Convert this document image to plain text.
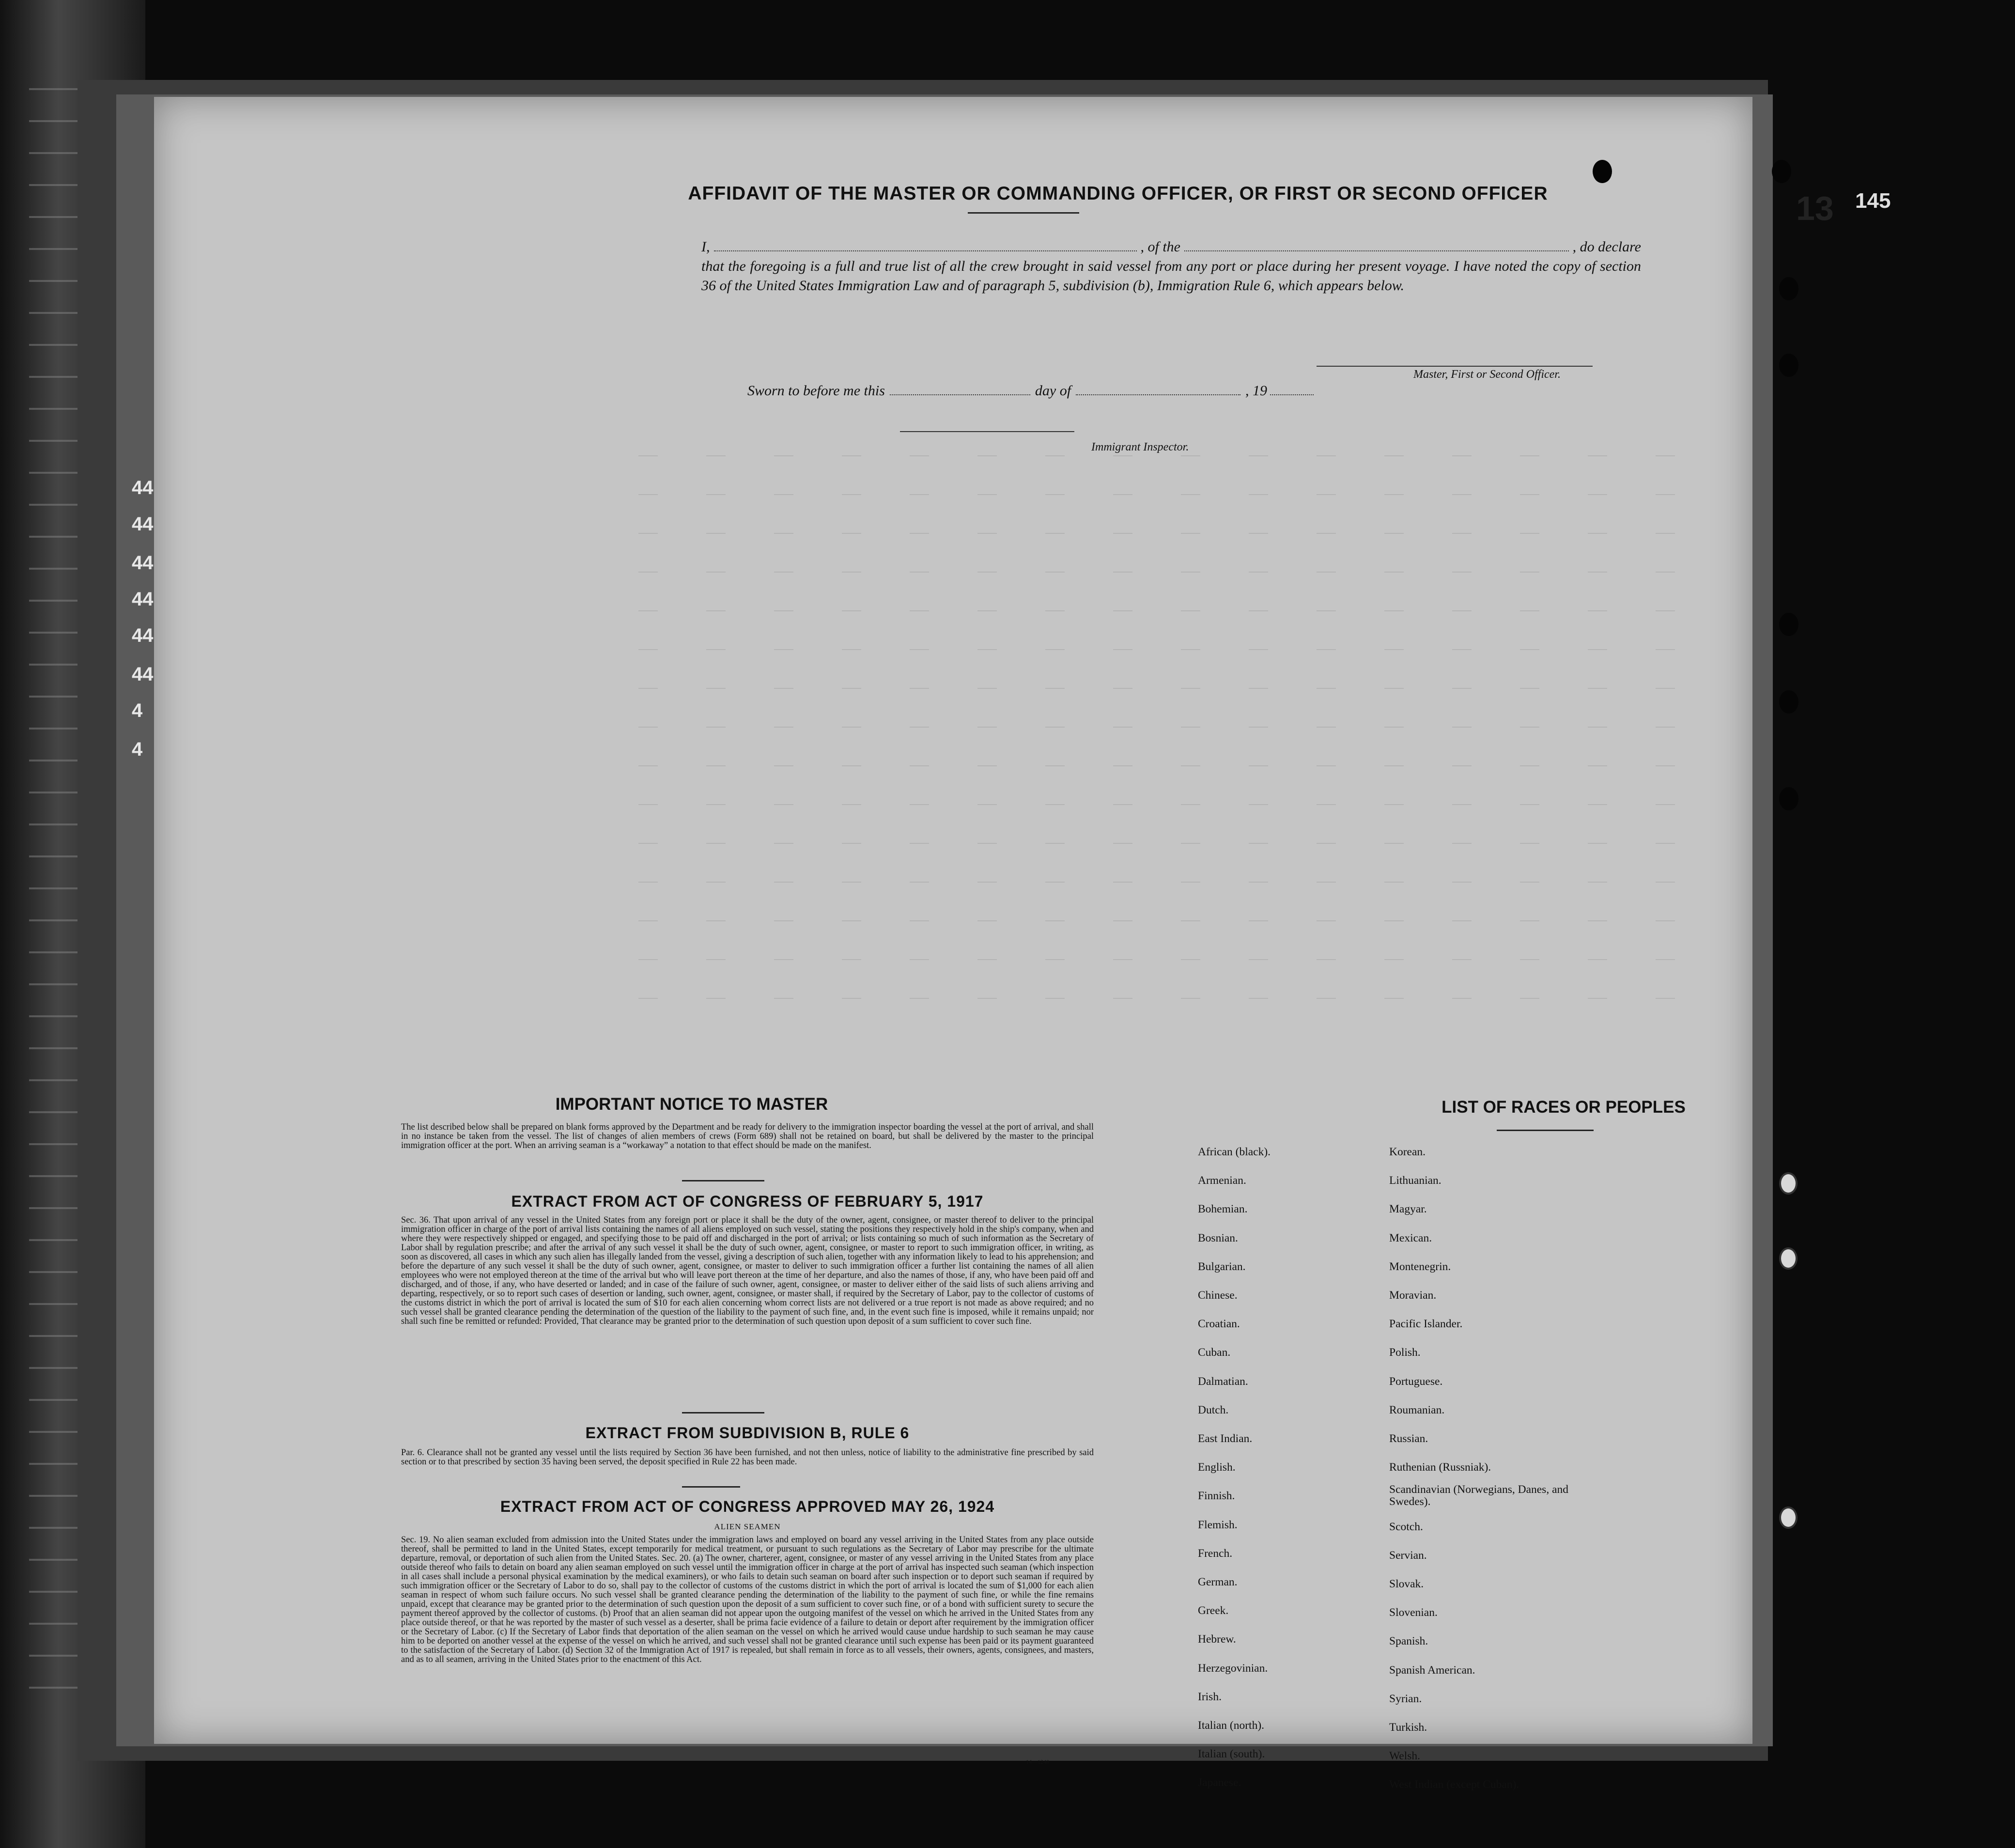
44
44
44
44
44
44
4
4
145
13
AFFIDAVIT OF THE MASTER OR COMMANDING OFFICER, OR FIRST OR SECOND OFFICER
I,	, of the	, do declare
that the foregoing is a full and true list of all the crew brought in said vessel from any port or place during her present voyage. I have noted the copy of section 36 of the United States Immigration Law and of paragraph 5, subdivision (b), Immigration Rule 6, which appears below.
Master, First or Second Officer.
Sworn to before me this	day of	, 19
Immigrant Inspector.
IMPORTANT NOTICE TO MASTER
The list described below shall be prepared on blank forms approved by the Department and be ready for delivery to the immigration inspector boarding the vessel at the port of arrival, and shall in no instance be taken from the vessel. The list of changes of alien members of crews (Form 689) shall not be retained on board, but shall be delivered by the master to the principal immigration officer at the port. When an arriving seaman is a “workaway” a notation to that effect should be made on the manifest.
EXTRACT FROM ACT OF CONGRESS OF FEBRUARY 5, 1917
Sec. 36. That upon arrival of any vessel in the United States from any foreign port or place it shall be the duty of the owner, agent, consignee, or master thereof to deliver to the principal immigration officer in charge of the port of arrival lists containing the names of all aliens employed on such vessel, stating the positions they respectively hold in the ship's company, when and where they were respectively shipped or engaged, and specifying those to be paid off and discharged in the port of arrival; or lists containing so much of such information as the Secretary of Labor shall by regulation prescribe; and after the arrival of any such vessel it shall be the duty of such owner, agent, consignee, or master to report to such immigration officer, in writing, as soon as discovered, all cases in which any such alien has illegally landed from the vessel, giving a description of such alien, together with any information likely to lead to his apprehension; and before the departure of any such vessel it shall be the duty of such owner, agent, consignee, or master to deliver to such immigration officer a further list containing the names of all alien employees who were not employed thereon at the time of the arrival but who will leave port thereon at the time of her departure, and also the names of those, if any, who have been paid off and discharged, and of those, if any, who have deserted or landed; and in case of the failure of such owner, agent, consignee, or master to deliver either of the said lists of such aliens arriving and departing, respectively, or so to report such cases of desertion or landing, such owner, agent, consignee, or master shall, if required by the Secretary of Labor, pay to the collector of customs of the customs district in which the port of arrival is located the sum of $10 for each alien concerning whom correct lists are not delivered or a true report is not made as above required; and no such vessel shall be granted clearance pending the determination of the question of the liability to the payment of such fine, and, in the event such fine is imposed, while it remains unpaid; nor shall such fine be remitted or refunded: Provided, That clearance may be granted prior to the determination of such question upon deposit of a sum sufficient to cover such fine.
EXTRACT FROM SUBDIVISION B, RULE 6
Par. 6. Clearance shall not be granted any vessel until the lists required by Section 36 have been furnished, and not then unless, notice of liability to the administrative fine prescribed by said section or to that prescribed by section 35 having been served, the deposit specified in Rule 22 has been made.
EXTRACT FROM ACT OF CONGRESS APPROVED MAY 26, 1924
ALIEN SEAMEN
Sec. 19. No alien seaman excluded from admission into the United States under the immigration laws and employed on board any vessel arriving in the United States from any place outside thereof, shall be permitted to land in the United States, except temporarily for medical treatment, or pursuant to such regulations as the Secretary of Labor may prescribe for the ultimate departure, removal, or deportation of such alien from the United States. Sec. 20. (a) The owner, charterer, agent, consignee, or master of any vessel arriving in the United States from any place outside thereof who fails to detain on board any alien seaman employed on such vessel until the immigration officer in charge at the port of arrival has inspected such seaman (which inspection in all cases shall include a personal physical examination by the medical examiners), or who fails to detain such seaman on board after such inspection or to deport such seaman if required by such immigration officer or the Secretary of Labor to do so, shall pay to the collector of customs of the customs district in which the port of arrival is located the sum of $1,000 for each alien seaman in respect of whom such failure occurs. No such vessel shall be granted clearance pending the determination of the liability to the payment of such fine, or while the fine remains unpaid, except that clearance may be granted prior to the determination of such question upon the deposit of a sum sufficient to cover such fine, or of a bond with sufficient surety to secure the payment thereof approved by the collector of customs. (b) Proof that an alien seaman did not appear upon the outgoing manifest of the vessel on which he arrived in the United States from any place outside thereof, or that he was reported by the master of such vessel as a deserter, shall be prima facie evidence of a failure to detain or deport after requirement by the immigration officer or the Secretary of Labor. (c) If the Secretary of Labor finds that deportation of the alien seaman on the vessel on which he arrived would cause undue hardship to such seaman he may cause him to be deported on another vessel at the expense of the vessel on which he arrived, and such vessel shall not be granted clearance until such expense has been paid or its payment guaranteed to the satisfaction of the Secretary of Labor. (d) Section 32 of the Immigration Act of 1917 is repealed, but shall remain in force as to all vessels, their owners, agents, consignees, and masters, and as to all seamen, arriving in the United States prior to the enactment of this Act.
14—1240
LIST OF RACES OR PEOPLES
African (black).
Armenian.
Bohemian.
Bosnian.
Bulgarian.
Chinese.
Croatian.
Cuban.
Dalmatian.
Dutch.
East Indian.
English.
Finnish.
Flemish.
French.
German.
Greek.
Hebrew.
Herzegovinian.
Irish.
Italian (north).
Italian (south).
Japanese.
Korean.
Lithuanian.
Magyar.
Mexican.
Montenegrin.
Moravian.
Pacific Islander.
Polish.
Portuguese.
Roumanian.
Russian.
Ruthenian (Russniak).
Scandinavian (Norwegians, Danes, and Swedes).
Scotch.
Servian.
Slovak.
Slovenian.
Spanish.
Spanish American.
Syrian.
Turkish.
Welsh.
West Indian (except Cuban).
